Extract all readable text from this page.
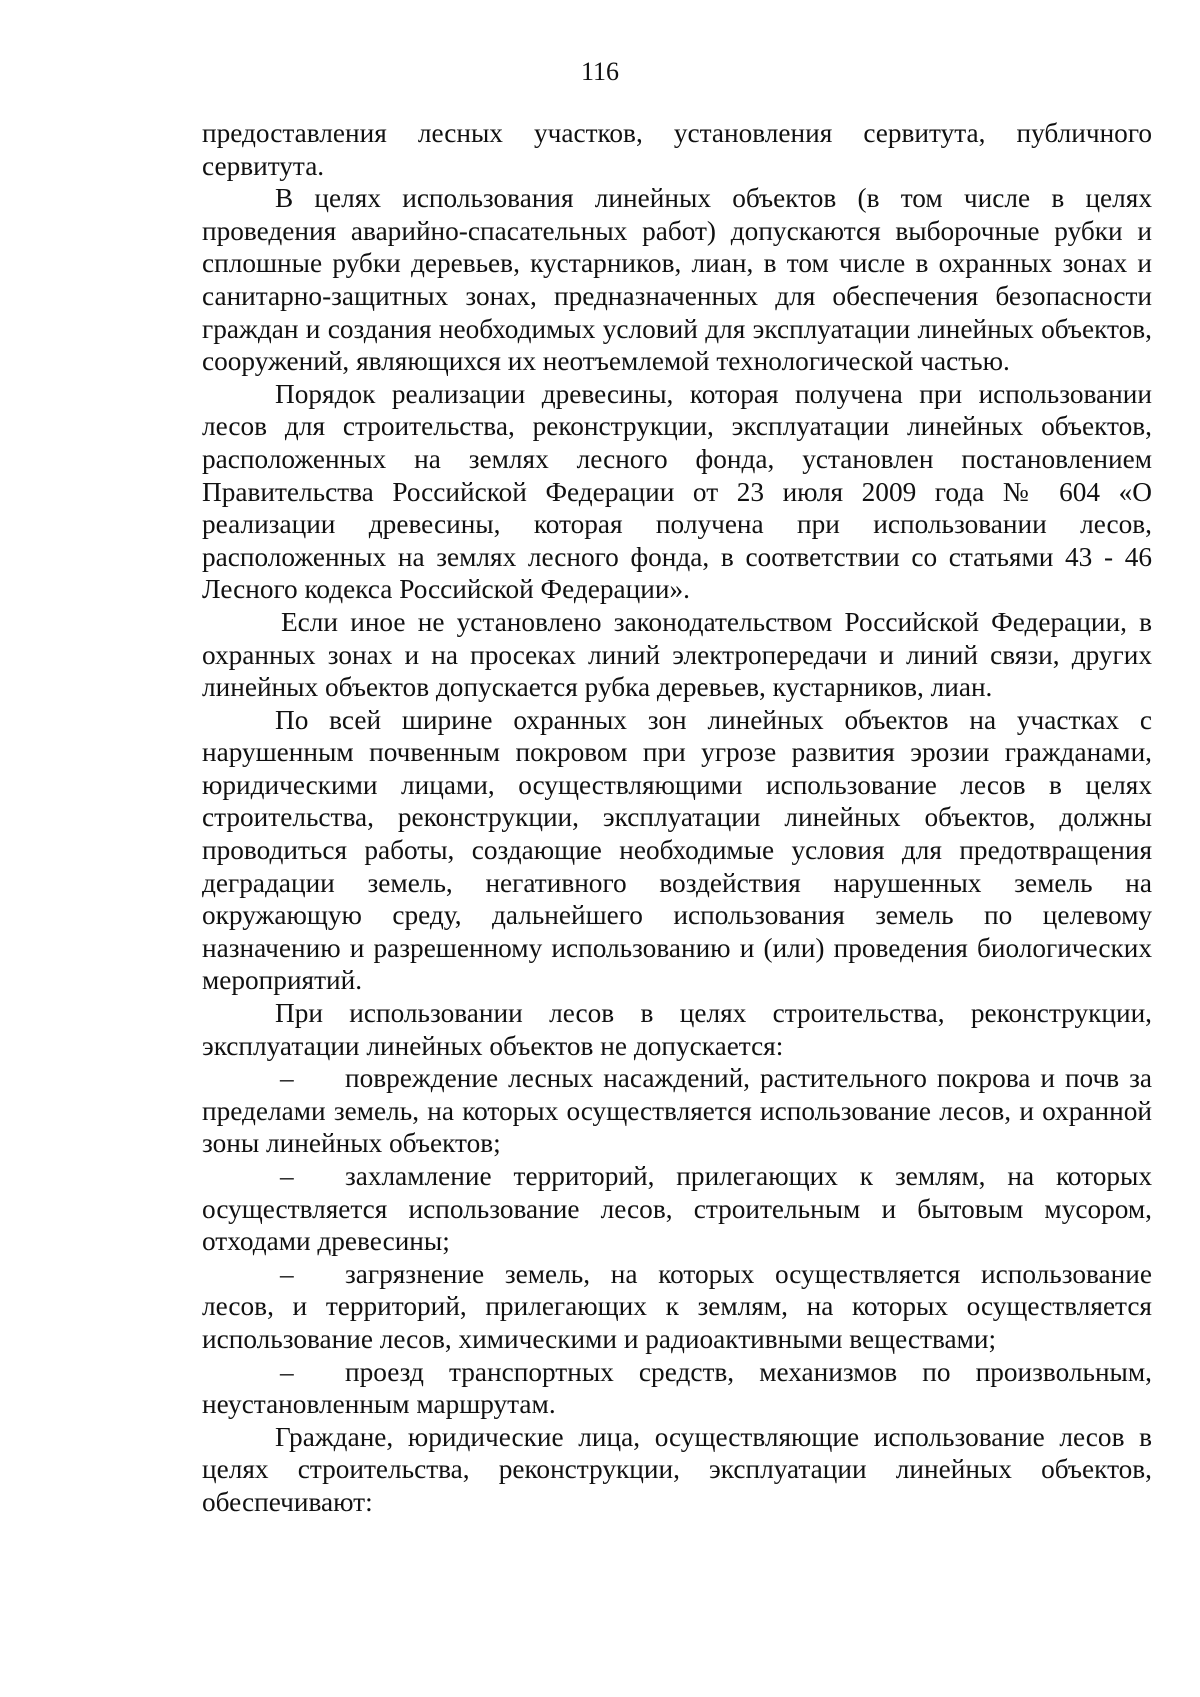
116

предоставления лесных участков, установления сервитута, публичного сервитута.

В целях использования линейных объектов (в том числе в целях проведения аварийно-спасательных работ) допускаются выборочные рубки и сплошные рубки деревьев, кустарников, лиан, в том числе в охранных зонах и санитарно-защитных зонах, предназначенных для обеспечения безопасности граждан и создания необходимых условий для эксплуатации линейных объектов, сооружений, являющихся их неотъемлемой технологической частью.

Порядок реализации древесины, которая получена при использовании лесов для строительства, реконструкции, эксплуатации линейных объектов, расположенных на землях лесного фонда, установлен постановлением Правительства Российской Федерации от 23 июля 2009 года № 604 «О реализации древесины, которая получена при использовании лесов, расположенных на землях лесного фонда, в соответствии со статьями 43 - 46 Лесного кодекса Российской Федерации».

Если иное не установлено законодательством Российской Федерации, в охранных зонах и на просеках линий электропередачи и линий связи, других линейных объектов допускается рубка деревьев, кустарников, лиан.

По всей ширине охранных зон линейных объектов на участках с нарушенным почвенным покровом при угрозе развития эрозии гражданами, юридическими лицами, осуществляющими использование лесов в целях строительства, реконструкции, эксплуатации линейных объектов, должны проводиться работы, создающие необходимые условия для предотвращения деградации земель, негативного воздействия нарушенных земель на окружающую среду, дальнейшего использования земель по целевому назначению и разрешенному использованию и (или) проведения биологических мероприятий.

При использовании лесов в целях строительства, реконструкции, эксплуатации линейных объектов не допускается:

– повреждение лесных насаждений, растительного покрова и почв за пределами земель, на которых осуществляется использование лесов, и охранной зоны линейных объектов;

– захламление территорий, прилегающих к землям, на которых осуществляется использование лесов, строительным и бытовым мусором, отходами древесины;

– загрязнение земель, на которых осуществляется использование лесов, и территорий, прилегающих к землям, на которых осуществляется использование лесов, химическими и радиоактивными веществами;

– проезд транспортных средств, механизмов по произвольным, неустановленным маршрутам.

Граждане, юридические лица, осуществляющие использование лесов в целях строительства, реконструкции, эксплуатации линейных объектов, обеспечивают:
